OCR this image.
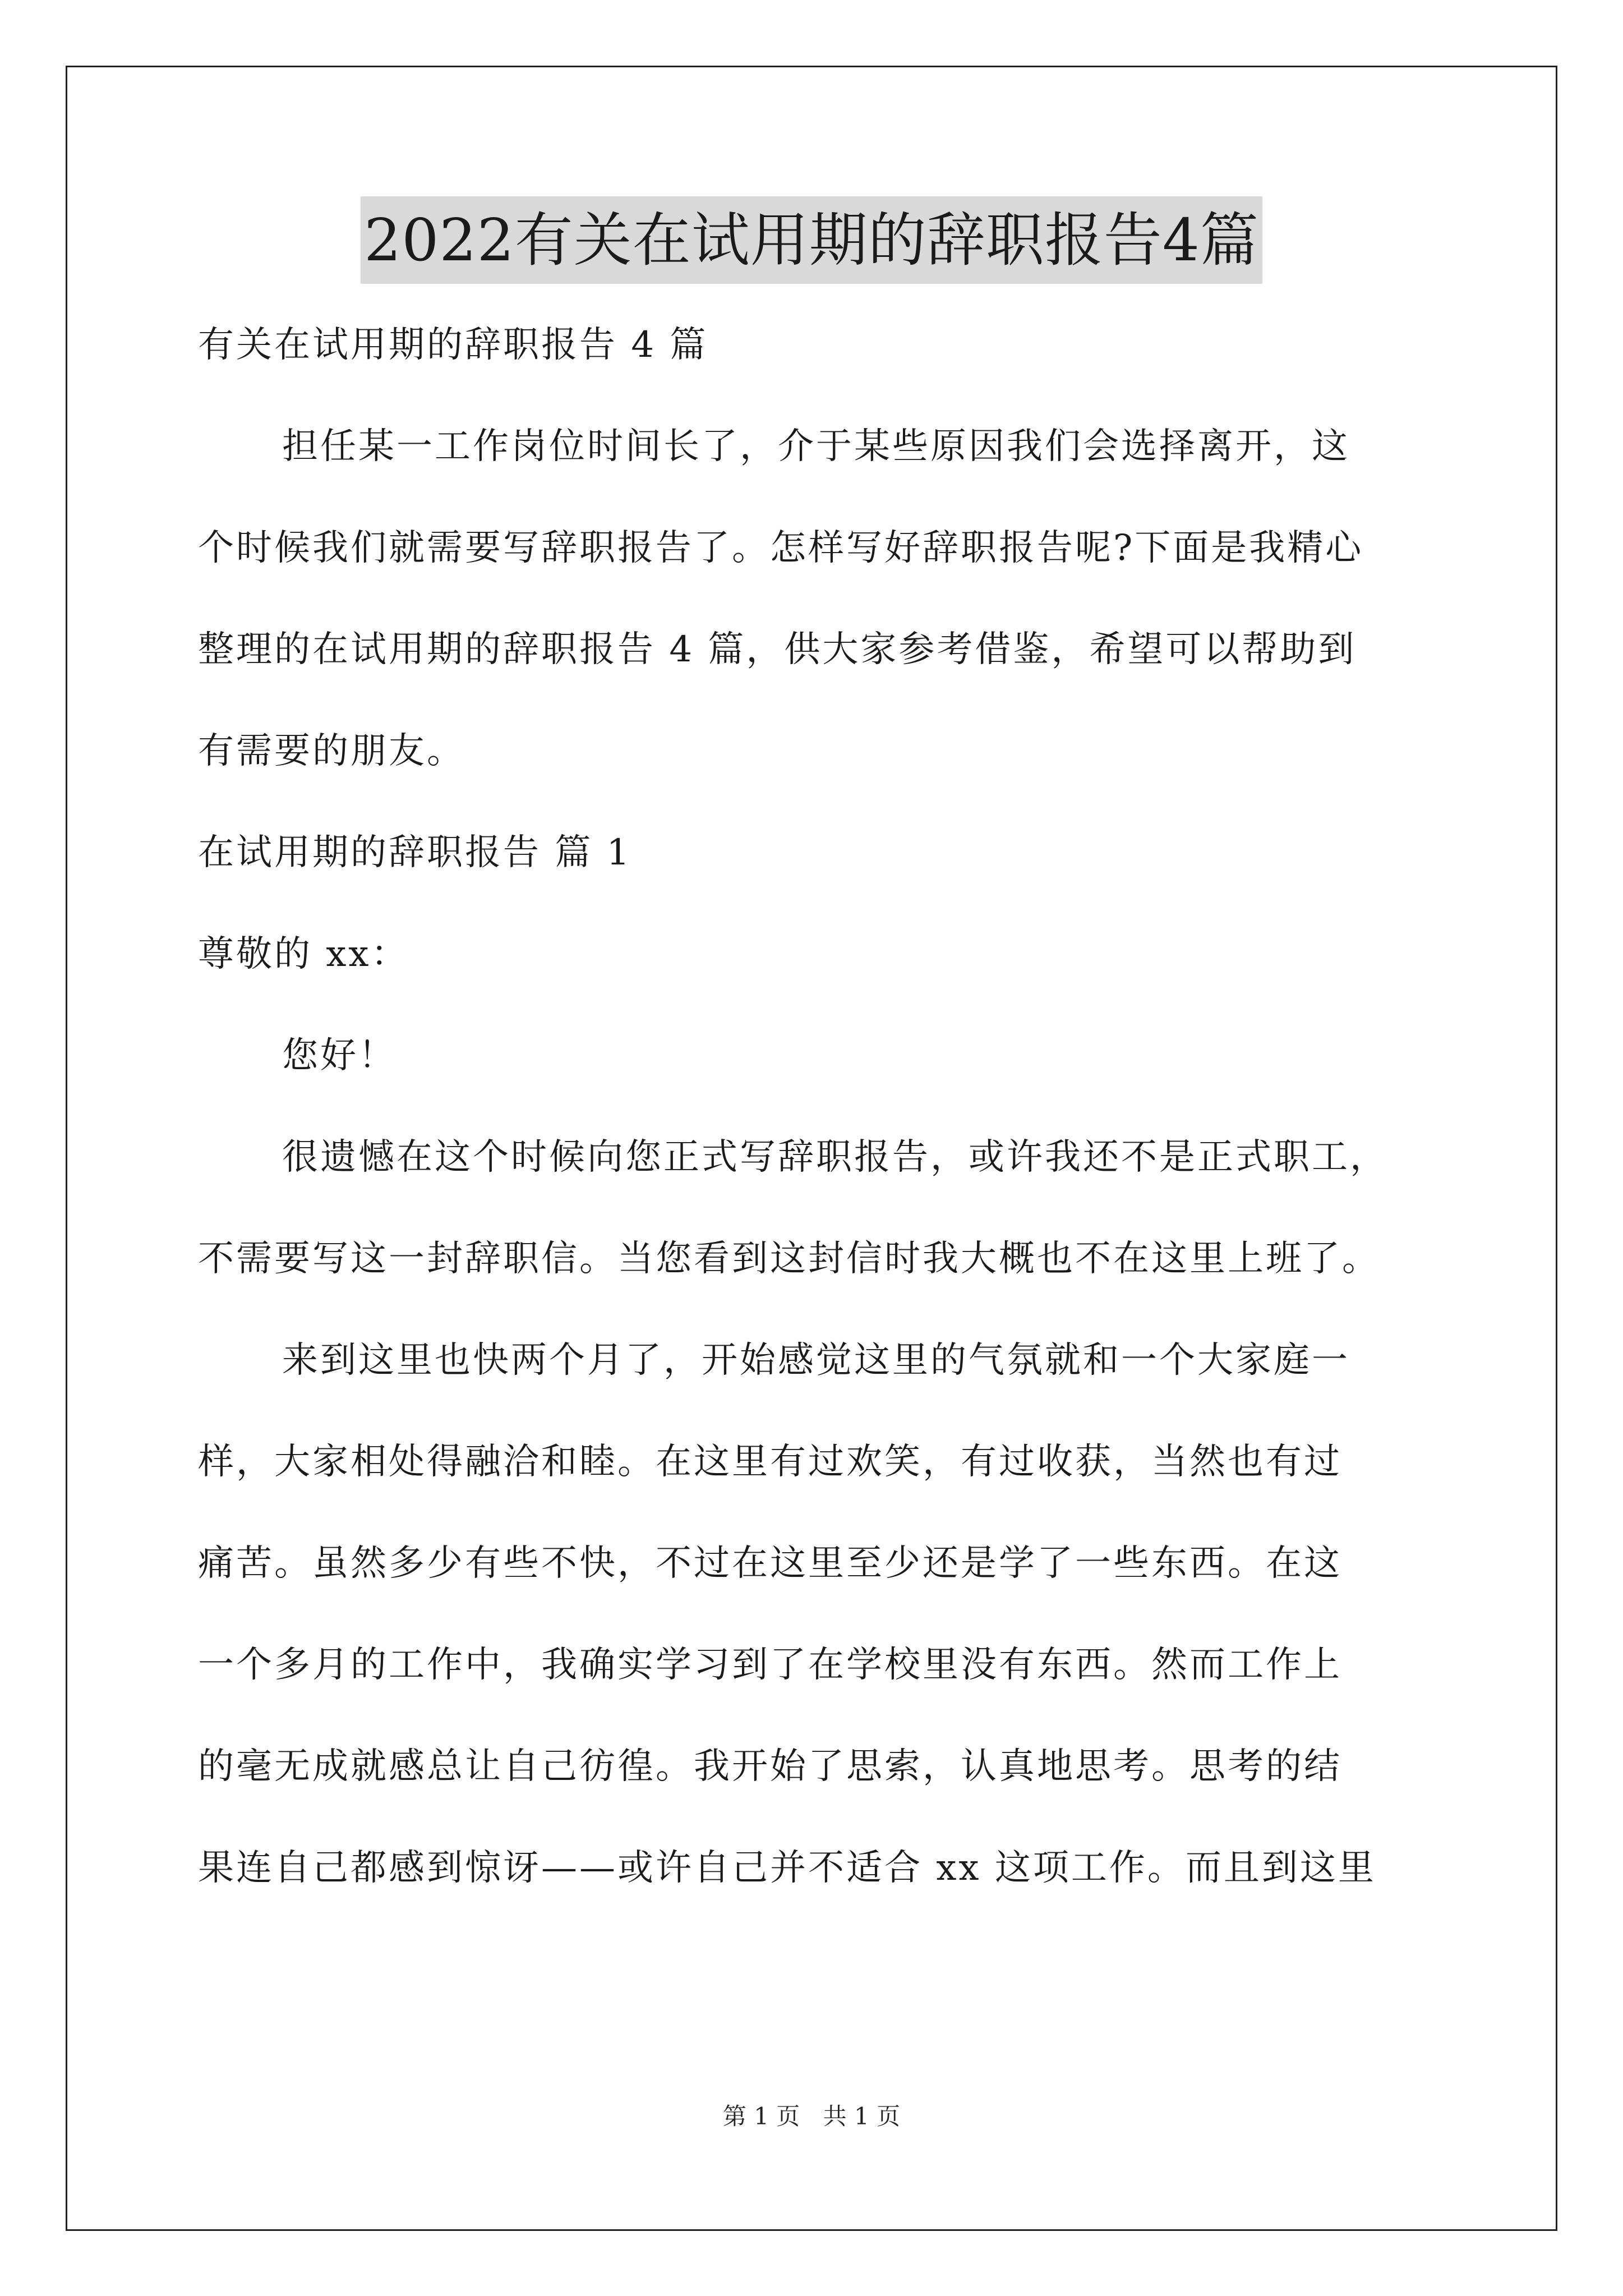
2022有关在试用期的辞职报告4篇
有关在试用期的辞职报告 4 篇
担任某一工作岗位时间长了，介于某些原因我们会选择离开，这
个时候我们就需要写辞职报告了。怎样写好辞职报告呢?下面是我精心
整理的在试用期的辞职报告 4 篇，供大家参考借鉴，希望可以帮助到
有需要的朋友。
在试用期的辞职报告 篇 1
尊敬的 xx：
您好！
很遗憾在这个时候向您正式写辞职报告，或许我还不是正式职工，
不需要写这一封辞职信。当您看到这封信时我大概也不在这里上班了。
来到这里也快两个月了，开始感觉这里的气氛就和一个大家庭一
样，大家相处得融洽和睦。在这里有过欢笑，有过收获，当然也有过
痛苦。虽然多少有些不快，不过在这里至少还是学了一些东西。在这
一个多月的工作中，我确实学习到了在学校里没有东西。然而工作上
的毫无成就感总让自己彷徨。我开始了思索，认真地思考。思考的结
果连自己都感到惊讶——或许自己并不适合 xx 这项工作。而且到这里
第 1 页 共 1 页
